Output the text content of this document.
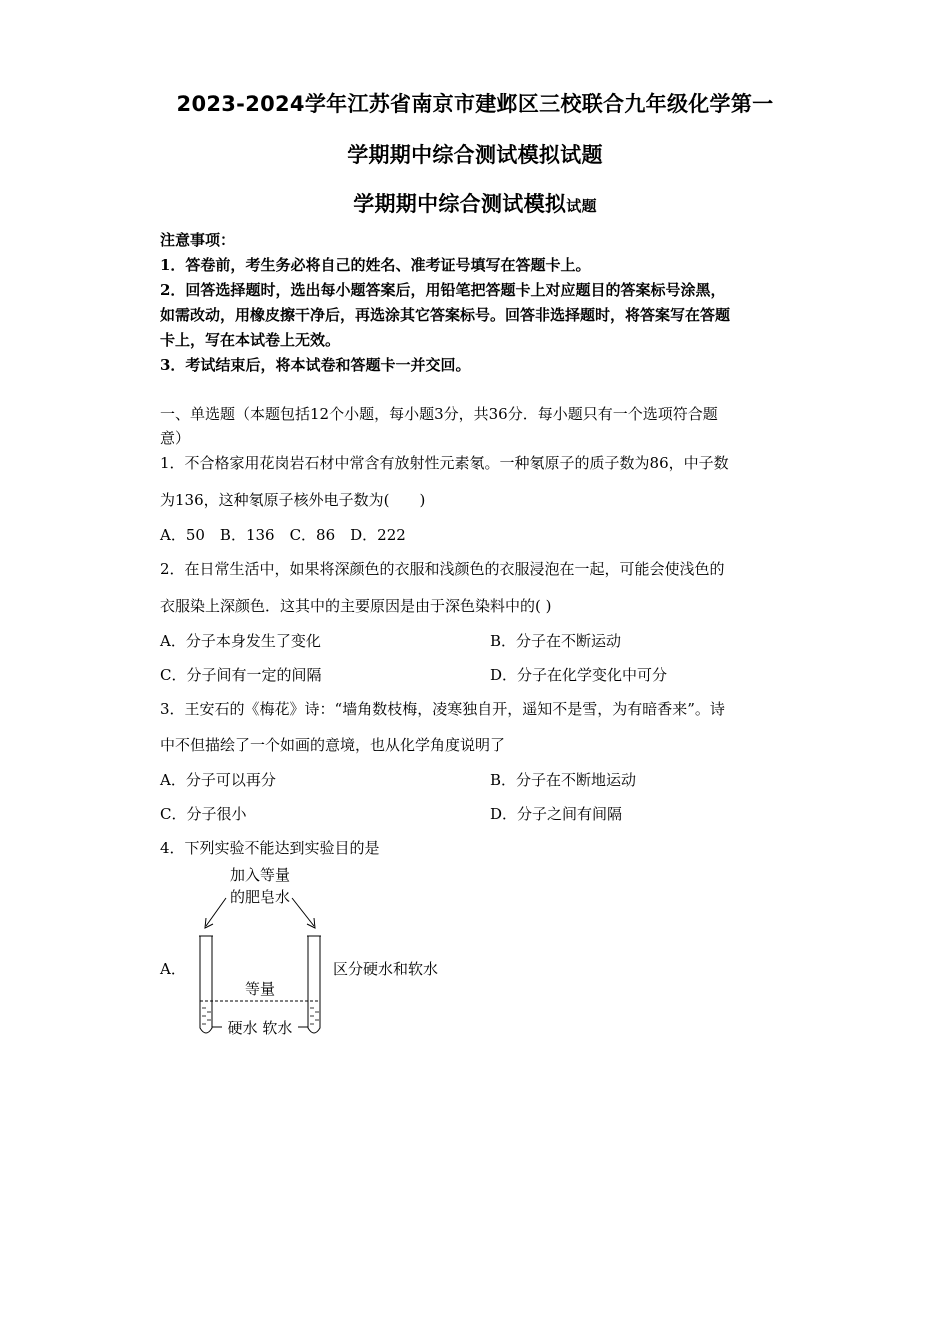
2023-2024学年江苏省南京市建邺区三校联合九年级化学第一
学期期中综合测试模拟试题
学期期中综合测试模拟试题
注意事项：
1．答卷前，考生务必将自己的姓名、准考证号填写在答题卡上。
2．回答选择题时，选出每小题答案后，用铅笔把答题卡上对应题目的答案标号涂黑，
如需改动，用橡皮擦干净后，再选涂其它答案标号。回答非选择题时，将答案写在答题
卡上，写在本试卷上无效。
3．考试结束后，将本试卷和答题卡一并交回。
一、单选题（本题包括12个小题，每小题3分，共36分．每小题只有一个选项符合题
意）
1．不合格家用花岗岩石材中常含有放射性元素氡。一种氡原子的质子数为86，中子数
为136，这种氡原子核外电子数为(　　)
A．50　B．136　C．86　D．222
2．在日常生活中，如果将深颜色的衣服和浅颜色的衣服浸泡在一起，可能会使浅色的
衣服染上深颜色．这其中的主要原因是由于深色染料中的( )
A．分子本身发生了变化	B．分子在不断运动
C．分子间有一定的间隔	D．分子在化学变化中可分
3．王安石的《梅花》诗：“墙角数枝梅，凌寒独自开，遥知不是雪，为有暗香来”。诗
中不但描绘了一个如画的意境，也从化学角度说明了
A．分子可以再分	B．分子在不断地运动
C．分子很小	D．分子之间有间隔
4．下列实验不能达到实验目的是
A．	区分硬水和软水
加入等量
的肥皂水
等量
硬水 软水
